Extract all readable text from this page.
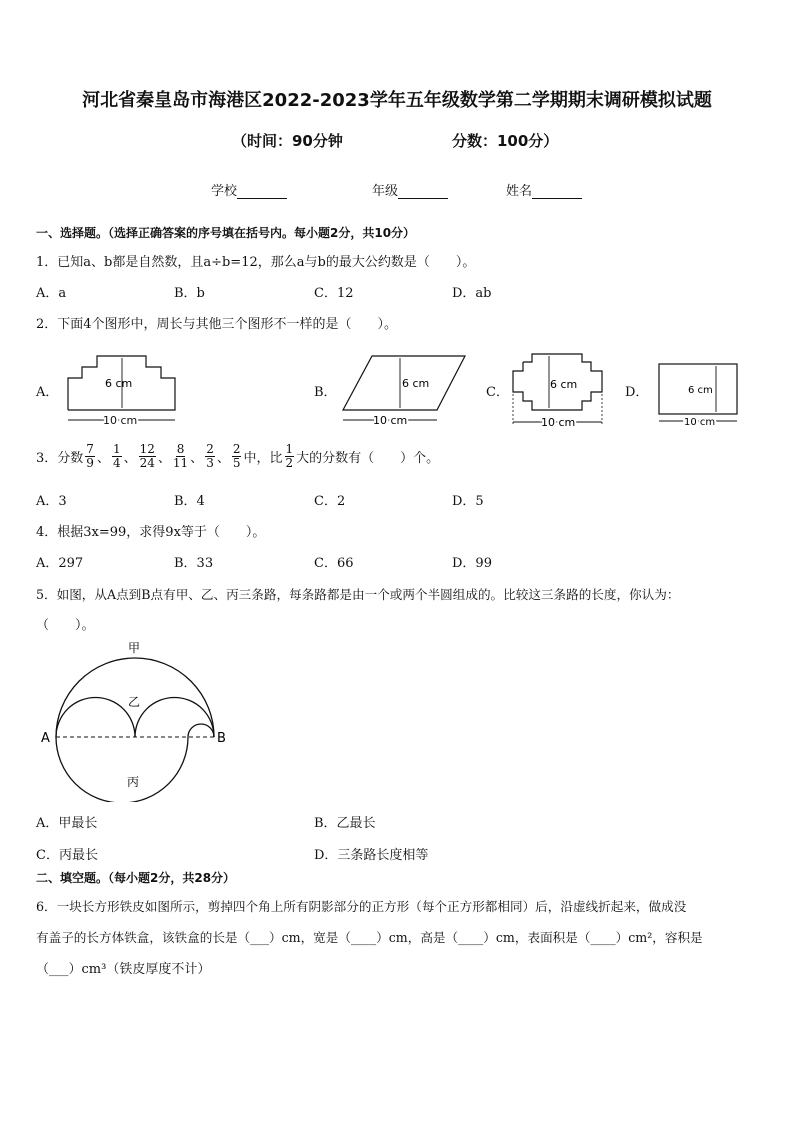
河北省秦皇岛市海港区2022-2023学年五年级数学第二学期期末调研模拟试题
（时间：90分钟	分数：100分）
学校	年级	姓名
一、选择题。（选择正确答案的序号填在括号内。每小题2分，共10分）
1．已知a、b都是自然数，且a÷b=12，那么a与b的最大公约数是（　　）。
A．a	B．b	C．12	D．ab
2．下面4个图形中，周长与其他三个图形不一样的是（　　）。
A．	B．	C．	D．
6 cm
10 cm
6 cm
10 cm
6 cm
10 cm
6 cm
10 cm
3．分数 $\frac{7}{9}$ 、 $\frac{1}{4}$ 、 $\frac{12}{24}$ 、 $\frac{8}{11}$ 、 $\frac{2}{3}$ 、 $\frac{2}{5}$ 中，比 $\frac{1}{2}$ 大的分数有（　　）个。
A．3	B．4	C．2	D．5
4．根据3x=99，求得9x等于（　　）。
A．297	B．33	C．66	D．99
5．如图，从A点到B点有甲、乙、丙三条路，每条路都是由一个或两个半圆组成的。比较这三条路的长度，你认为：
（　　）。
甲
乙
丙
A	B
A．甲最长	B．乙最长
C．丙最长	D．三条路长度相等
二、填空题。（每小题2分，共28分）
6．一块长方形铁皮如图所示，剪掉四个角上所有阴影部分的正方形（每个正方形都相同）后，沿虚线折起来，做成没
有盖子的长方体铁盒，该铁盒的长是（___）cm，宽是（____）cm，高是（____）cm，表面积是（____）cm²，容积是
（___）cm³（铁皮厚度不计）
